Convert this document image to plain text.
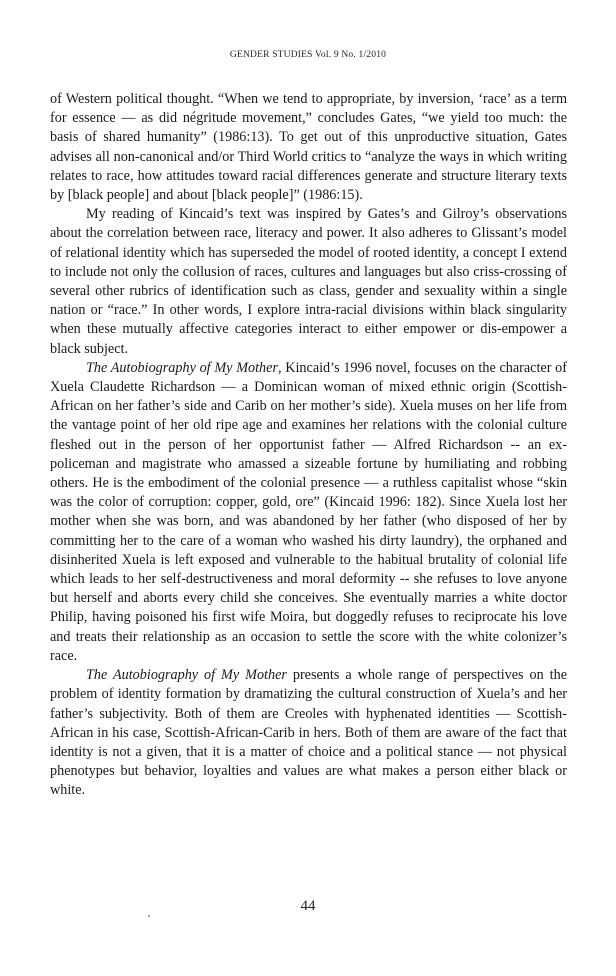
GENDER STUDIES Vol. 9 No. 1/2010

of Western political thought. “When we tend to appropriate, by inversion, ‘race’ as a term for essence — as did négritude movement,” concludes Gates, “we yield too much: the basis of shared humanity” (1986:13). To get out of this unproductive situation, Gates advises all non-canonical and/or Third World critics to “analyze the ways in which writing relates to race, how attitudes toward racial differences generate and structure literary texts by [black people] and about [black people]” (1986:15).

My reading of Kincaid’s text was inspired by Gates’s and Gilroy’s observations about the correlation between race, literacy and power. It also adheres to Glissant’s model of relational identity which has superseded the model of rooted identity, a concept I extend to include not only the collusion of races, cultures and languages but also criss-crossing of several other rubrics of identification such as class, gender and sexuality within a single nation or “race.” In other words, I explore intra-racial divisions within black singularity when these mutually affective categories interact to either empower or dis-empower a black subject.

The Autobiography of My Mother, Kincaid’s 1996 novel, focuses on the character of Xuela Claudette Richardson — a Dominican woman of mixed ethnic origin (Scottish-African on her father’s side and Carib on her mother’s side). Xuela muses on her life from the vantage point of her old ripe age and examines her relations with the colonial culture fleshed out in the person of her opportunist father — Alfred Richardson -- an ex-policeman and magistrate who amassed a sizeable fortune by humiliating and robbing others. He is the embodiment of the colonial presence — a ruthless capitalist whose “skin was the color of corruption: copper, gold, ore” (Kincaid 1996: 182). Since Xuela lost her mother when she was born, and was abandoned by her father (who disposed of her by committing her to the care of a woman who washed his dirty laundry), the orphaned and disinherited Xuela is left exposed and vulnerable to the habitual brutality of colonial life which leads to her self-destructiveness and moral deformity -- she refuses to love anyone but herself and aborts every child she conceives. She eventually marries a white doctor Philip, having poisoned his first wife Moira, but doggedly refuses to reciprocate his love and treats their relationship as an occasion to settle the score with the white colonizer’s race.

The Autobiography of My Mother presents a whole range of perspectives on the problem of identity formation by dramatizing the cultural construction of Xuela’s and her father’s subjectivity. Both of them are Creoles with hyphenated identities — Scottish-African in his case, Scottish-African-Carib in hers. Both of them are aware of the fact that identity is not a given, that it is a matter of choice and a political stance — not physical phenotypes but behavior, loyalties and values are what makes a person either black or white.

44
